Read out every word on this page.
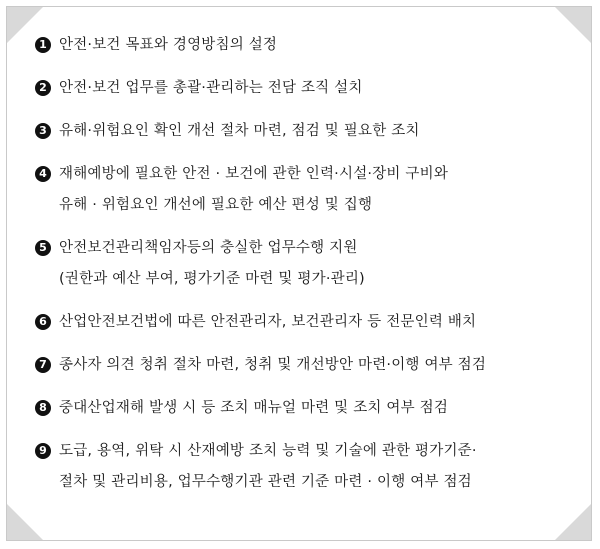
1 안전·보건 목표와 경영방침의 설정
2 안전·보건 업무를 총괄·관리하는 전담 조직 설치
3 유해·위험요인 확인 개선 절차 마련, 점검 및 필요한 조치
4 재해예방에 필요한 안전 · 보건에 관한 인력·시설·장비 구비와
유해 · 위험요인 개선에 필요한 예산 편성 및 집행
5 안전보건관리책임자등의 충실한 업무수행 지원
(권한과 예산 부여, 평가기준 마련 및 평가·관리)
6 산업안전보건법에 따른 안전관리자, 보건관리자 등 전문인력 배치
7 종사자 의견 청취 절차 마련, 청취 및 개선방안 마련·이행 여부 점검
8 중대산업재해 발생 시 등 조치 매뉴얼 마련 및 조치 여부 점검
9 도급, 용역, 위탁 시 산재예방 조치 능력 및 기술에 관한 평가기준·
절차 및 관리비용, 업무수행기관 관련 기준 마련 · 이행 여부 점검
